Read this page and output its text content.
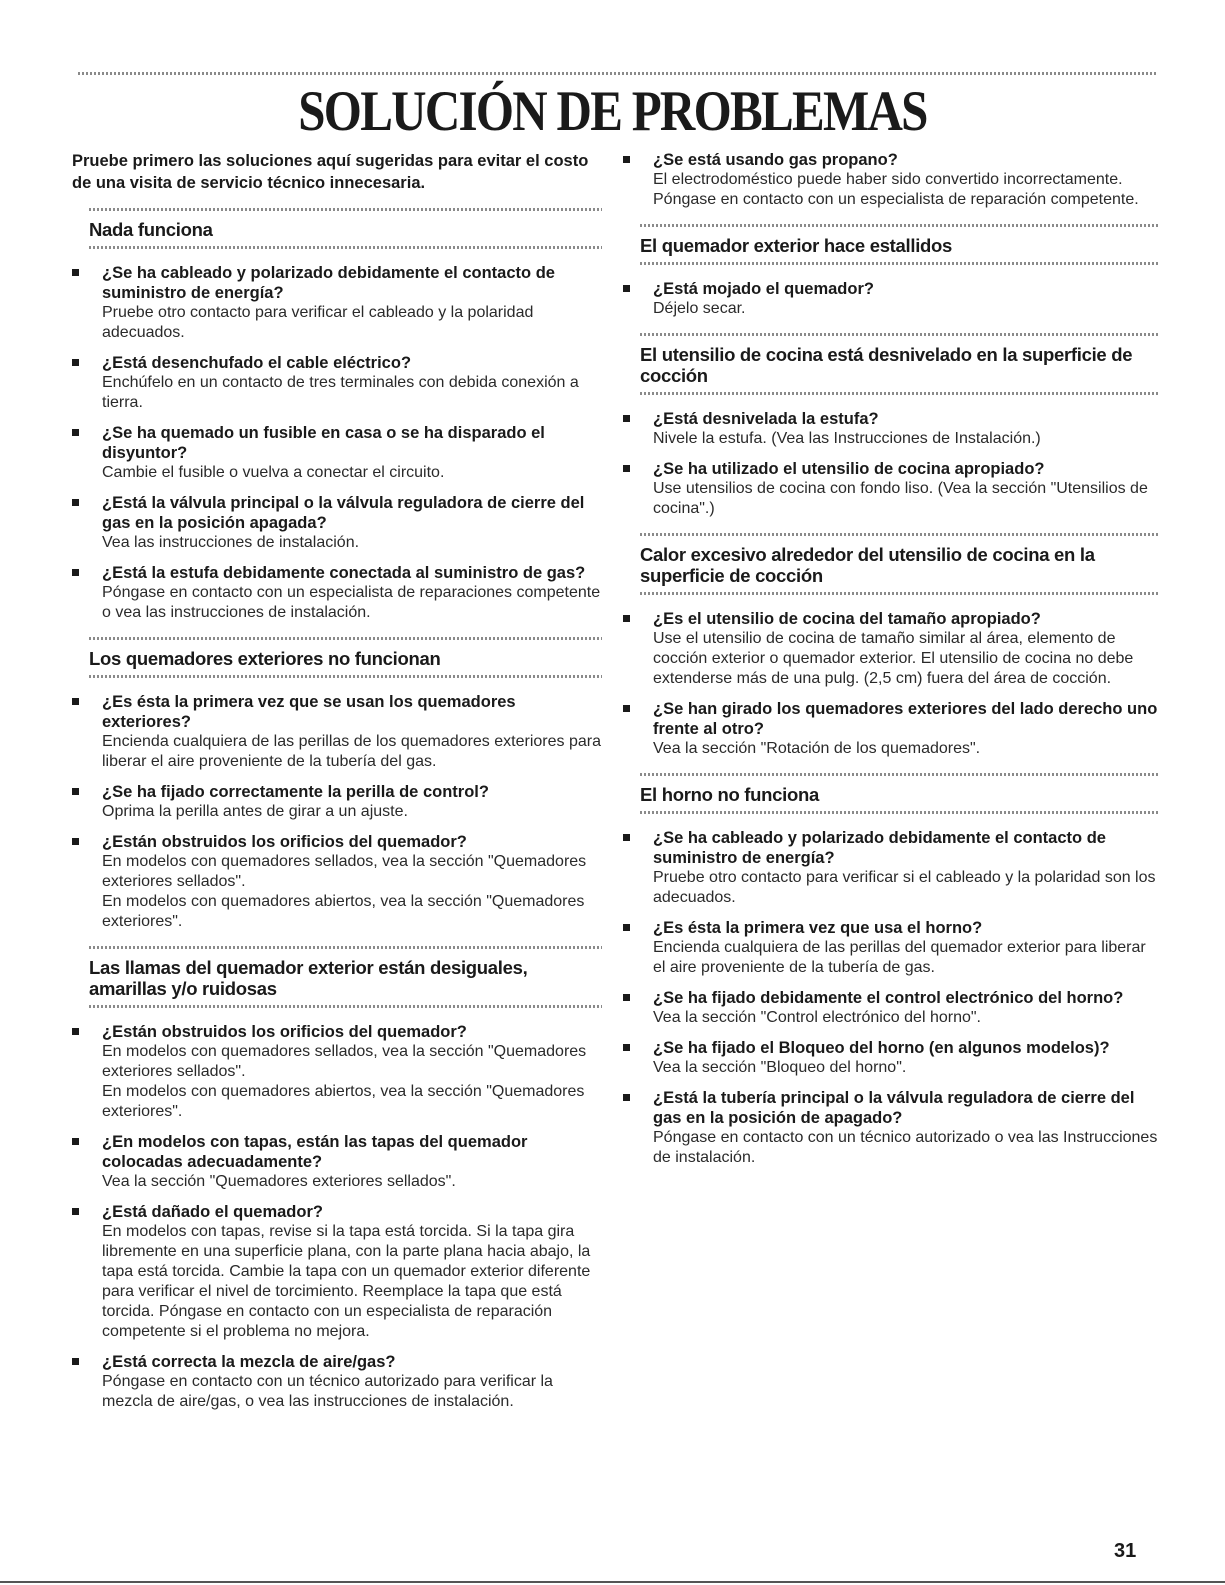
SOLUCIÓN DE PROBLEMAS

Pruebe primero las soluciones aquí sugeridas para evitar el costo de una visita de servicio técnico innecesaria.

Nada funciona
¿Se ha cableado y polarizado debidamente el contacto de suministro de energía?
Pruebe otro contacto para verificar el cableado y la polaridad adecuados.
¿Está desenchufado el cable eléctrico?
Enchúfelo en un contacto de tres terminales con debida conexión a tierra.
¿Se ha quemado un fusible en casa o se ha disparado el disyuntor?
Cambie el fusible o vuelva a conectar el circuito.
¿Está la válvula principal o la válvula reguladora de cierre del gas en la posición apagada?
Vea las instrucciones de instalación.
¿Está la estufa debidamente conectada al suministro de gas?
Póngase en contacto con un especialista de reparaciones competente o vea las instrucciones de instalación.
Los quemadores exteriores no funcionan
¿Es ésta la primera vez que se usan los quemadores exteriores?
Encienda cualquiera de las perillas de los quemadores exteriores para liberar el aire proveniente de la tubería del gas.
¿Se ha fijado correctamente la perilla de control?
Oprima la perilla antes de girar a un ajuste.
¿Están obstruidos los orificios del quemador?
En modelos con quemadores sellados, vea la sección "Quemadores exteriores sellados".
En modelos con quemadores abiertos, vea la sección "Quemadores exteriores".
Las llamas del quemador exterior están desiguales, amarillas y/o ruidosas
¿Están obstruidos los orificios del quemador?
En modelos con quemadores sellados, vea la sección "Quemadores exteriores sellados".
En modelos con quemadores abiertos, vea la sección "Quemadores exteriores".
¿En modelos con tapas, están las tapas del quemador colocadas adecuadamente?
Vea la sección "Quemadores exteriores sellados".
¿Está dañado el quemador?
En modelos con tapas, revise si la tapa está torcida. Si la tapa gira libremente en una superficie plana, con la parte plana hacia abajo, la tapa está torcida. Cambie la tapa con un quemador exterior diferente para verificar el nivel de torcimiento. Reemplace la tapa que está torcida. Póngase en contacto con un especialista de reparación competente si el problema no mejora.
¿Está correcta la mezcla de aire/gas?
Póngase en contacto con un técnico autorizado para verificar la mezcla de aire/gas, o vea las instrucciones de instalación.
¿Se está usando gas propano?
El electrodoméstico puede haber sido convertido incorrectamente. Póngase en contacto con un especialista de reparación competente.
El quemador exterior hace estallidos
¿Está mojado el quemador?
Déjelo secar.
El utensilio de cocina está desnivelado en la superficie de cocción
¿Está desnivelada la estufa?
Nivele la estufa. (Vea las Instrucciones de Instalación.)
¿Se ha utilizado el utensilio de cocina apropiado?
Use utensilios de cocina con fondo liso. (Vea la sección "Utensilios de cocina".)
Calor excesivo alrededor del utensilio de cocina en la superficie de cocción
¿Es el utensilio de cocina del tamaño apropiado?
Use el utensilio de cocina de tamaño similar al área, elemento de cocción exterior o quemador exterior. El utensilio de cocina no debe extenderse más de una pulg. (2,5 cm) fuera del área de cocción.
¿Se han girado los quemadores exteriores del lado derecho uno frente al otro?
Vea la sección "Rotación de los quemadores".
El horno no funciona
¿Se ha cableado y polarizado debidamente el contacto de suministro de energía?
Pruebe otro contacto para verificar si el cableado y la polaridad son los adecuados.
¿Es ésta la primera vez que usa el horno?
Encienda cualquiera de las perillas del quemador exterior para liberar el aire proveniente de la tubería de gas.
¿Se ha fijado debidamente el control electrónico del horno?
Vea la sección "Control electrónico del horno".
¿Se ha fijado el Bloqueo del horno (en algunos modelos)?
Vea la sección "Bloqueo del horno".
¿Está la tubería principal o la válvula reguladora de cierre del gas en la posición de apagado?
Póngase en contacto con un técnico autorizado o vea las Instrucciones de instalación.
31
